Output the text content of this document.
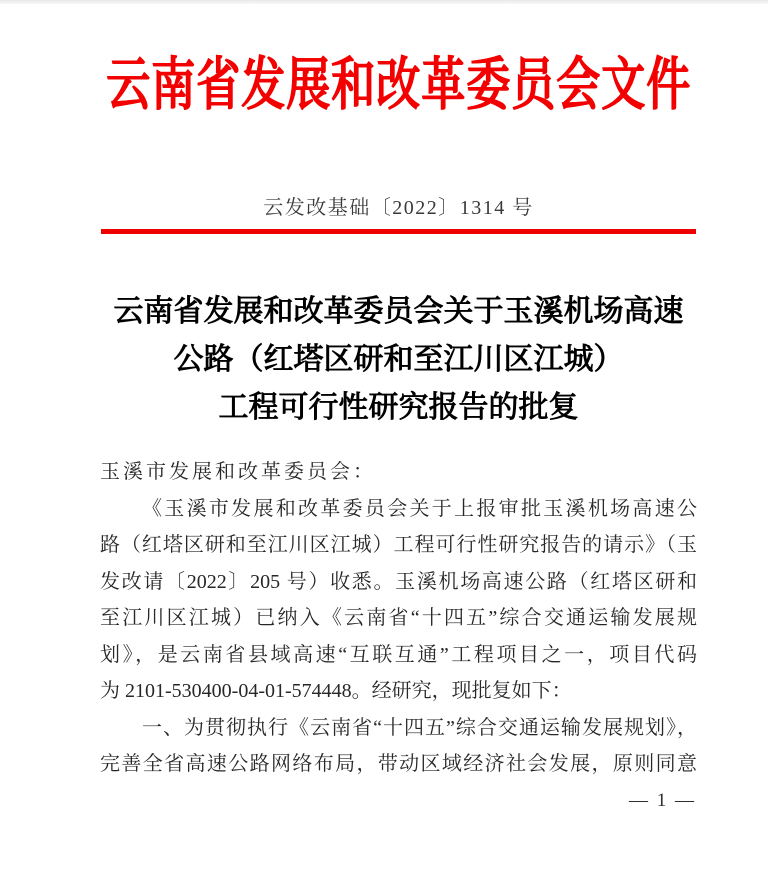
云南省发展和改革委员会文件
云发改基础〔2022〕1314 号
云南省发展和改革委员会关于玉溪机场高速
公路（红塔区研和至江川区江城）
工程可行性研究报告的批复
玉溪市发展和改革委员会：
《玉溪市发展和改革委员会关于上报审批玉溪机场高速公
路（红塔区研和至江川区江城）工程可行性研究报告的请示》（玉
发改请〔2022〕205 号）收悉。玉溪机场高速公路（红塔区研和
至江川区江城）已纳入《云南省“十四五”综合交通运输发展规
划》，是云南省县域高速“互联互通”工程项目之一，项目代码
为 2101-530400-04-01-574448。经研究，现批复如下：
一、为贯彻执行《云南省“十四五”综合交通运输发展规划》，
完善全省高速公路网络布局，带动区域经济社会发展，原则同意
— 1 —
